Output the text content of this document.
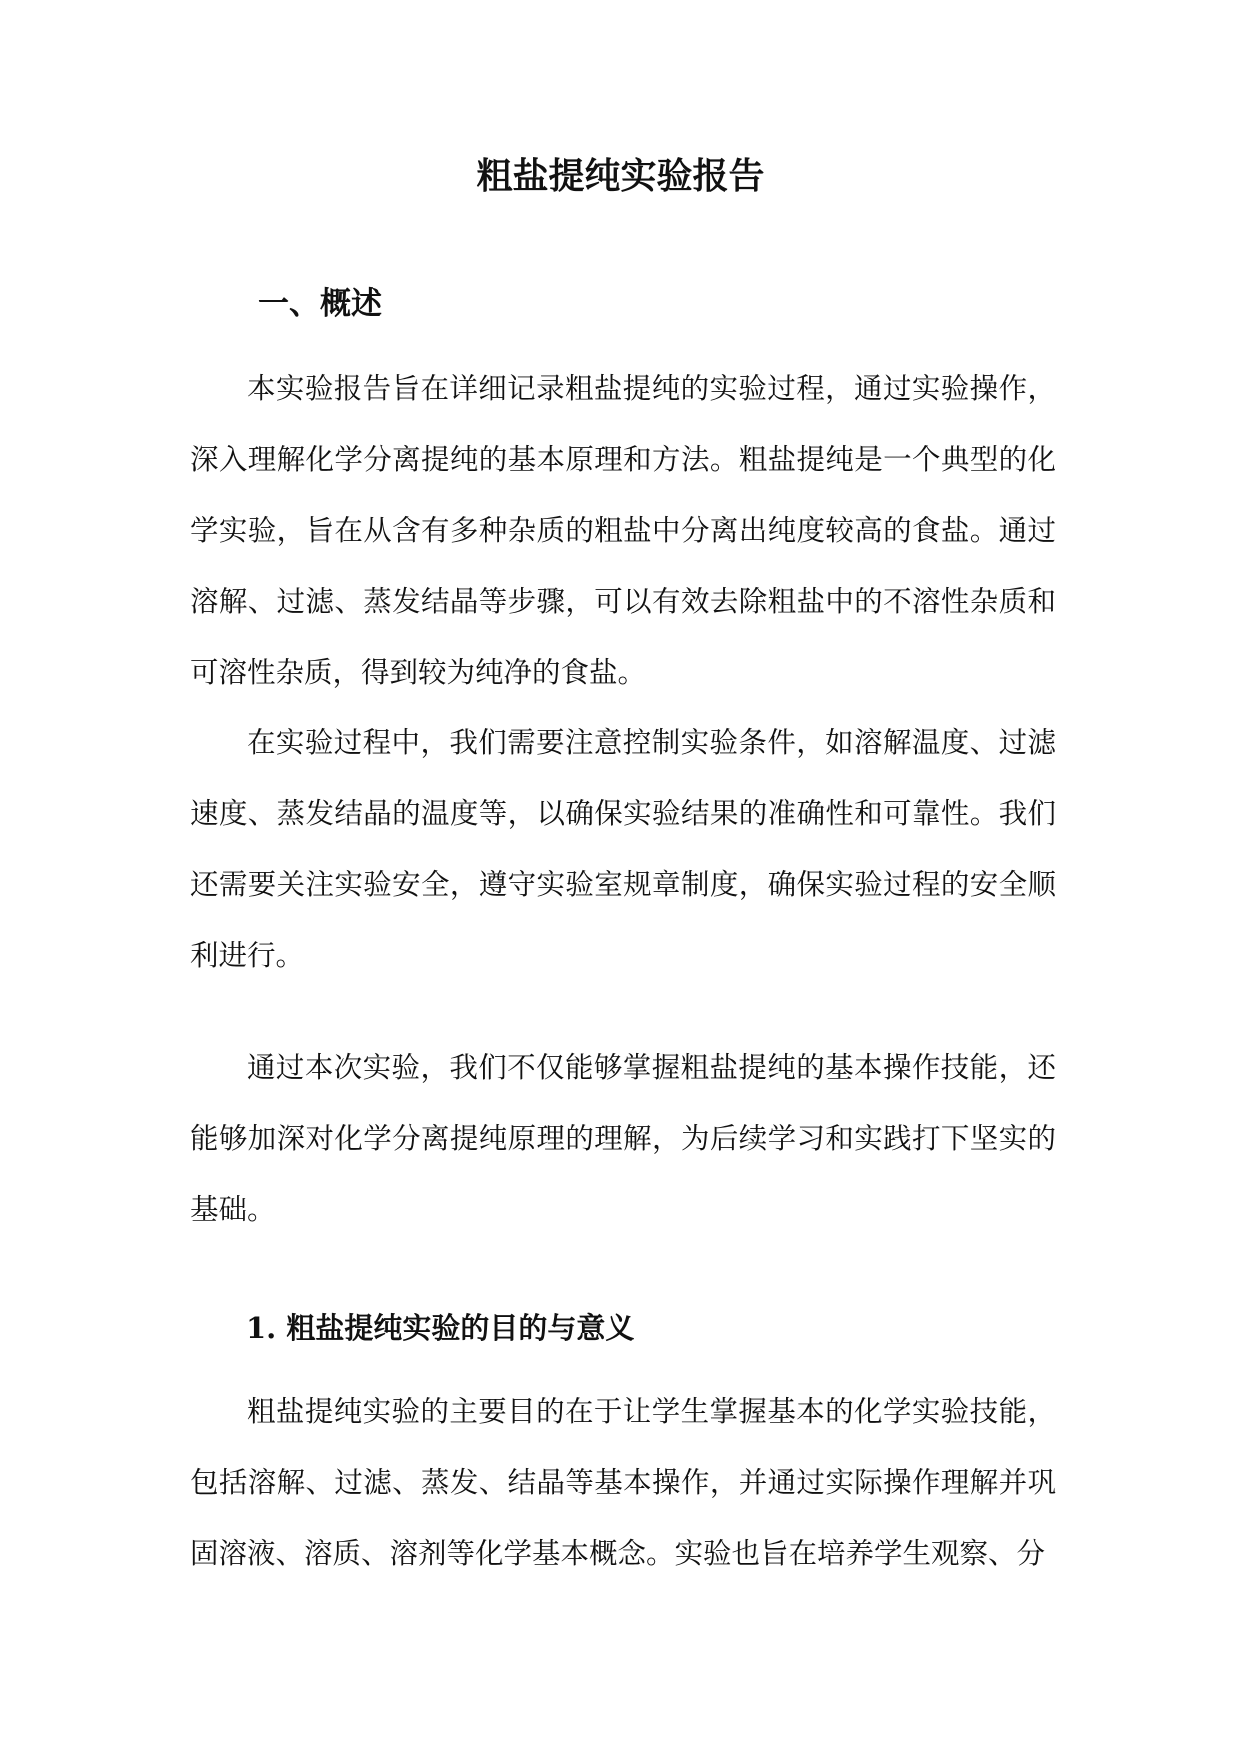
粗盐提纯实验报告
一、概述

本实验报告旨在详细记录粗盐提纯的实验过程，通过实验操作，深入理解化学分离提纯的基本原理和方法。粗盐提纯是一个典型的化学实验，旨在从含有多种杂质的粗盐中分离出纯度较高的食盐。通过溶解、过滤、蒸发结晶等步骤，可以有效去除粗盐中的不溶性杂质和可溶性杂质，得到较为纯净的食盐。

在实验过程中，我们需要注意控制实验条件，如溶解温度、过滤速度、蒸发结晶的温度等，以确保实验结果的准确性和可靠性。我们还需要关注实验安全，遵守实验室规章制度，确保实验过程的安全顺利进行。

通过本次实验，我们不仅能够掌握粗盐提纯的基本操作技能，还能够加深对化学分离提纯原理的理解，为后续学习和实践打下坚实的基础。

1. 粗盐提纯实验的目的与意义

粗盐提纯实验的主要目的在于让学生掌握基本的化学实验技能，包括溶解、过滤、蒸发、结晶等基本操作，并通过实际操作理解并巩固溶液、溶质、溶剂等化学基本概念。实验也旨在培养学生观察、分
